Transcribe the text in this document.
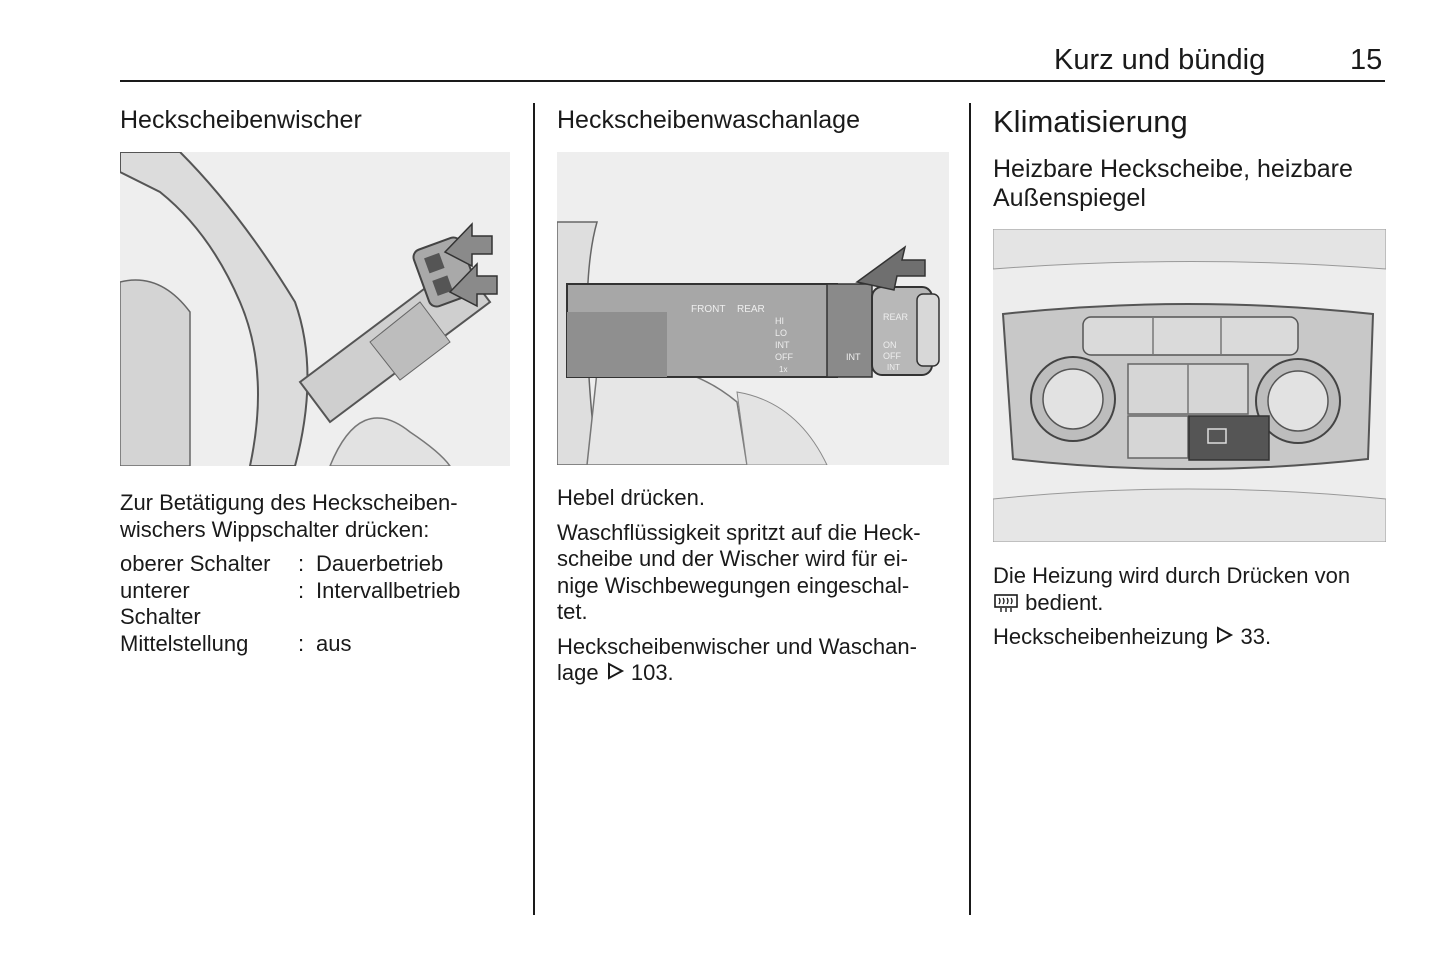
Kurz und bündig	15
Heckscheibenwischer

Zur Betätigung des Heckscheiben-

wischers Wippschalter drücken:

oberer Schalter	:	Dauerbetrieb
unterer Schalter	:	Intervallbetrieb
Mittelstellung	:	aus
Heckscheibenwaschanlage
FRONT REAR
HI
LO
INT
OFF
1x
INT
REAR
ON
OFF
INT

Hebel drücken.

Waschflüssigkeit spritzt auf die Heck-

scheibe und der Wischer wird für ei-

nige Wischbewegungen eingeschal-

tet.

Heckscheibenwischer und Waschan-

lage 103.

Klimatisierung
Heizbare Heckscheibe, heizbare
Außenspiegel

Die Heizung wird durch Drücken von

bedient.

Heckscheibenheizung 33.
